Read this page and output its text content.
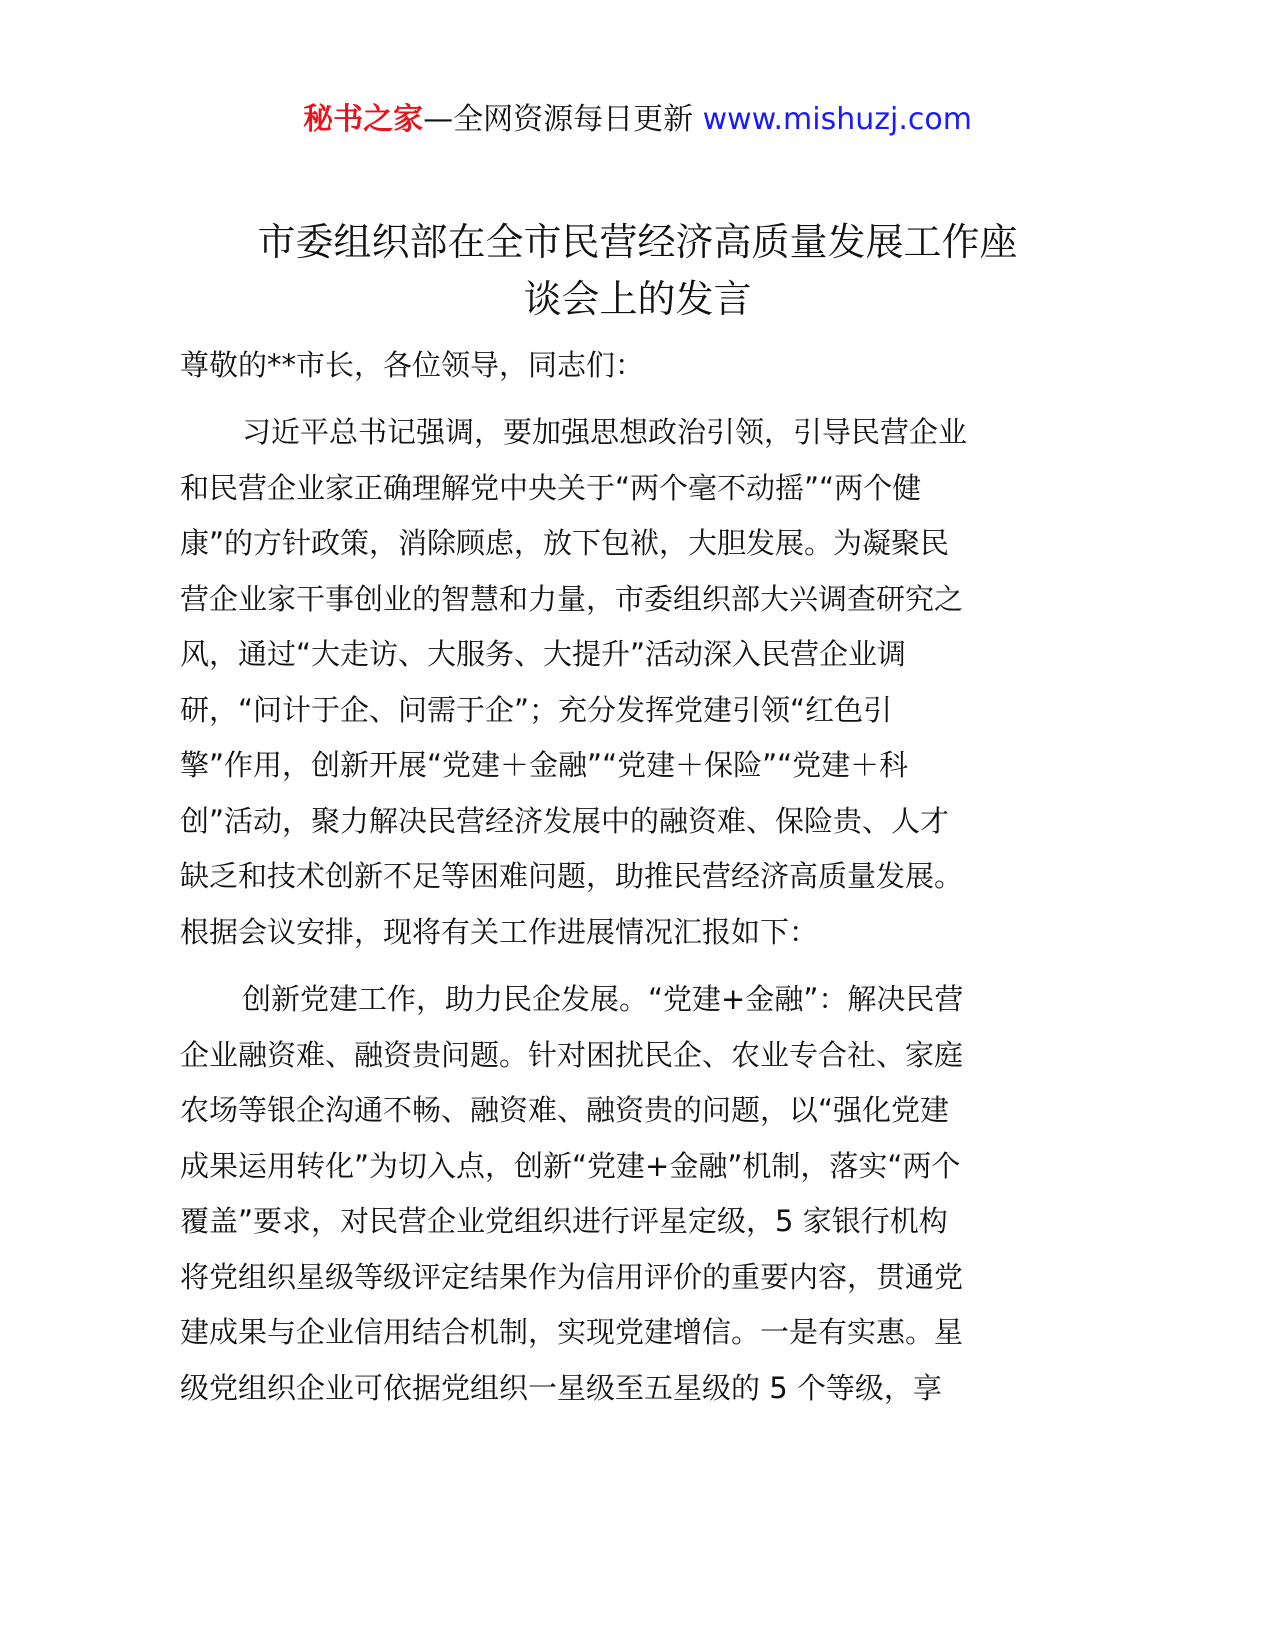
秘书之家—全网资源每日更新 www.mishuzj.com
市委组织部在全市民营经济高质量发展工作座
谈会上的发言
尊敬的**市长，各位领导，同志们：
习近平总书记强调，要加强思想政治引领，引导民营企业
和民营企业家正确理解党中央关于“两个毫不动摇”“两个健
康”的方针政策，消除顾虑，放下包袱，大胆发展。为凝聚民
营企业家干事创业的智慧和力量，市委组织部大兴调查研究之
风，通过“大走访、大服务、大提升”活动深入民营企业调
研，“问计于企、问需于企”；充分发挥党建引领“红色引
擎”作用，创新开展“党建＋金融”“党建＋保险”“党建＋科
创”活动，聚力解决民营经济发展中的融资难、保险贵、人才
缺乏和技术创新不足等困难问题，助推民营经济高质量发展。
根据会议安排，现将有关工作进展情况汇报如下：
创新党建工作，助力民企发展。“党建+金融”：解决民营
企业融资难、融资贵问题。针对困扰民企、农业专合社、家庭
农场等银企沟通不畅、融资难、融资贵的问题，以“强化党建
成果运用转化”为切入点，创新“党建+金融”机制，落实“两个
覆盖”要求，对民营企业党组织进行评星定级，5 家银行机构
将党组织星级等级评定结果作为信用评价的重要内容，贯通党
建成果与企业信用结合机制，实现党建增信。一是有实惠。星
级党组织企业可依据党组织一星级至五星级的 5 个等级，享
